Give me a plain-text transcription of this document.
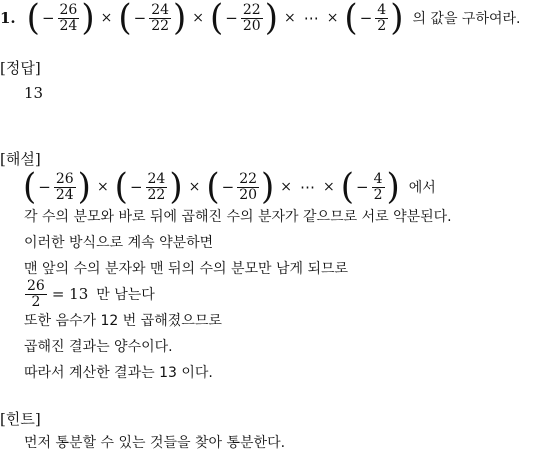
1. ( − $\frac{26}{24}$ ) × ( − $\frac{24}{22}$ ) × ( − $\frac{22}{20}$ ) × ⋯ × ( − $\frac{4}{2}$ ) 의 값을 구하여라.
[정답]
13
[해설]
( − $\frac{26}{24}$ ) × ( − $\frac{24}{22}$ ) × ( − $\frac{22}{20}$ ) × ⋯ × ( − $\frac{4}{2}$ ) 에서
각 수의 분모와 바로 뒤에 곱해진 수의 분자가 같으므로 서로 약분된다.
이러한 방식으로 계속 약분하면
맨 앞의 수의 분자와 맨 뒤의 수의 분모만 남게 되므로
$\frac{26}{2} = 13$ 만 남는다
또한 음수가 12 번 곱해졌으므로
곱해진 결과는 양수이다.
따라서 계산한 결과는 13 이다.
[힌트]
먼저 통분할 수 있는 것들을 찾아 통분한다.
